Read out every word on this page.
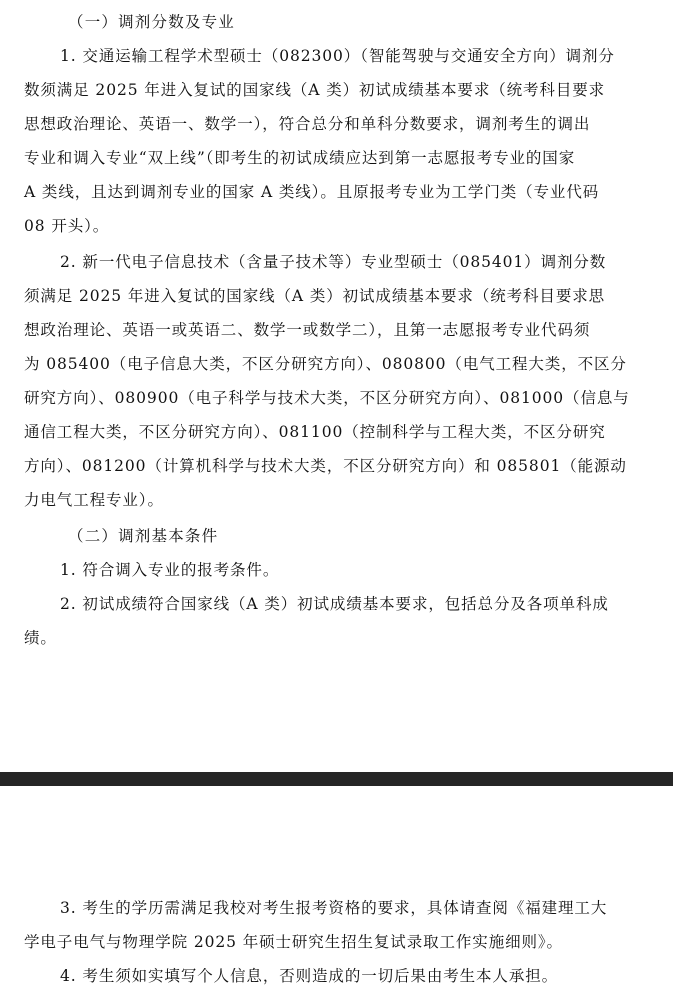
（一）调剂分数及专业
1. 交通运输工程学术型硕士（082300）（智能驾驶与交通安全方向）调剂分
数须满足 2025 年进入复试的国家线（A 类）初试成绩基本要求（统考科目要求
思想政治理论、英语一、数学一），符合总分和单科分数要求，调剂考生的调出
专业和调入专业“双上线”（即考生的初试成绩应达到第一志愿报考专业的国家
A 类线，且达到调剂专业的国家 A 类线）。且原报考专业为工学门类（专业代码
08 开头）。
2. 新一代电子信息技术（含量子技术等）专业型硕士（085401）调剂分数
须满足 2025 年进入复试的国家线（A 类）初试成绩基本要求（统考科目要求思
想政治理论、英语一或英语二、数学一或数学二），且第一志愿报考专业代码须
为 085400（电子信息大类，不区分研究方向）、080800（电气工程大类，不区分
研究方向）、080900（电子科学与技术大类，不区分研究方向）、081000（信息与
通信工程大类，不区分研究方向）、081100（控制科学与工程大类，不区分研究
方向）、081200（计算机科学与技术大类，不区分研究方向）和 085801（能源动
力电气工程专业）。
（二）调剂基本条件
1. 符合调入专业的报考条件。
2. 初试成绩符合国家线（A 类）初试成绩基本要求，包括总分及各项单科成
绩。
3. 考生的学历需满足我校对考生报考资格的要求，具体请查阅《福建理工大
学电子电气与物理学院 2025 年硕士研究生招生复试录取工作实施细则》。
4. 考生须如实填写个人信息，否则造成的一切后果由考生本人承担。
